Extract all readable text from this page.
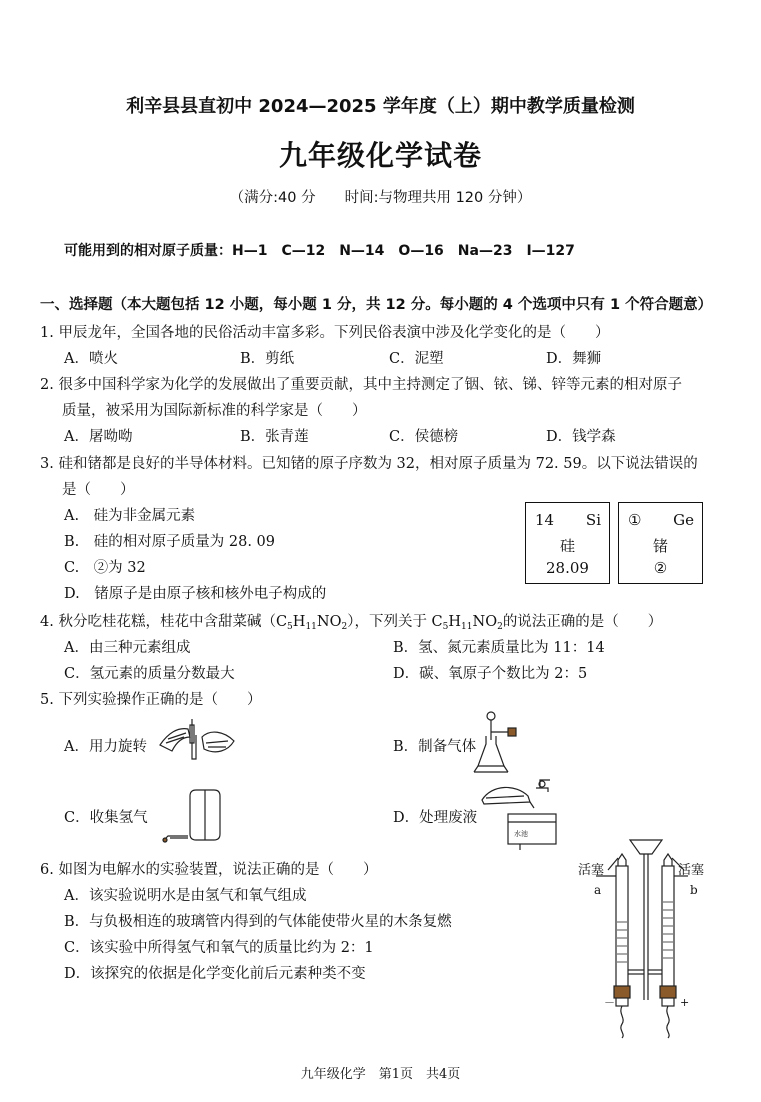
利辛县县直初中 2024—2025 学年度（上）期中教学质量检测
九年级化学试卷
（满分:40 分　　时间:与物理共用 120 分钟）
可能用到的相对原子质量：H—1　C—12　N—14　O—16　Na—23　I—127
一、选择题（本大题包括 12 小题，每小题 1 分，共 12 分。每小题的 4 个选项中只有 1 个符合题意）
1. 甲辰龙年，全国各地的民俗活动丰富多彩。下列民俗表演中涉及化学变化的是（　　）
A．喷火	B．剪纸	C．泥塑	D．舞狮
2. 很多中国科学家为化学的发展做出了重要贡献，其中主持测定了铟、铱、锑、锌等元素的相对原子
质量，被采用为国际新标准的科学家是（　　）
A．屠呦呦	B．张青莲	C．侯德榜	D．钱学森
3. 硅和锗都是良好的半导体材料。已知锗的原子序数为 32，相对原子质量为 72. 59。以下说法错误的
是（　　）
A.　硅为非金属元素
B.　硅的相对原子质量为 28. 09
C.　②为 32
D.　锗原子是由原子核和核外电子构成的
14 Si
硅
28.09
① Ge
锗
②
4. 秋分吃桂花糕，桂花中含甜菜碱$(C_5H_{11}NO_2)$，下列关于 $C_5H_{11}NO_2$的说法正确的是（　　）
A．由三种元素组成	B．氢、氮元素质量比为 11：14
C．氢元素的质量分数最大	D．碳、氧原子个数比为 2：5
5. 下列实验操作正确的是（　　）
A．用力旋转	B．制备气体
C．收集氢气	D．处理废液
水池
6. 如图为电解水的实验装置，说法正确的是（　　）
A．该实验说明水是由氢气和氧气组成
B．与负极相连的玻璃管内得到的气体能使带火星的木条复燃
C．该实验中所得氢气和氧气的质量比约为 2：1
D．该探究的依据是化学变化前后元素种类不变
活塞	活塞
a	b
－	+
九年级化学　第1页　共4页
